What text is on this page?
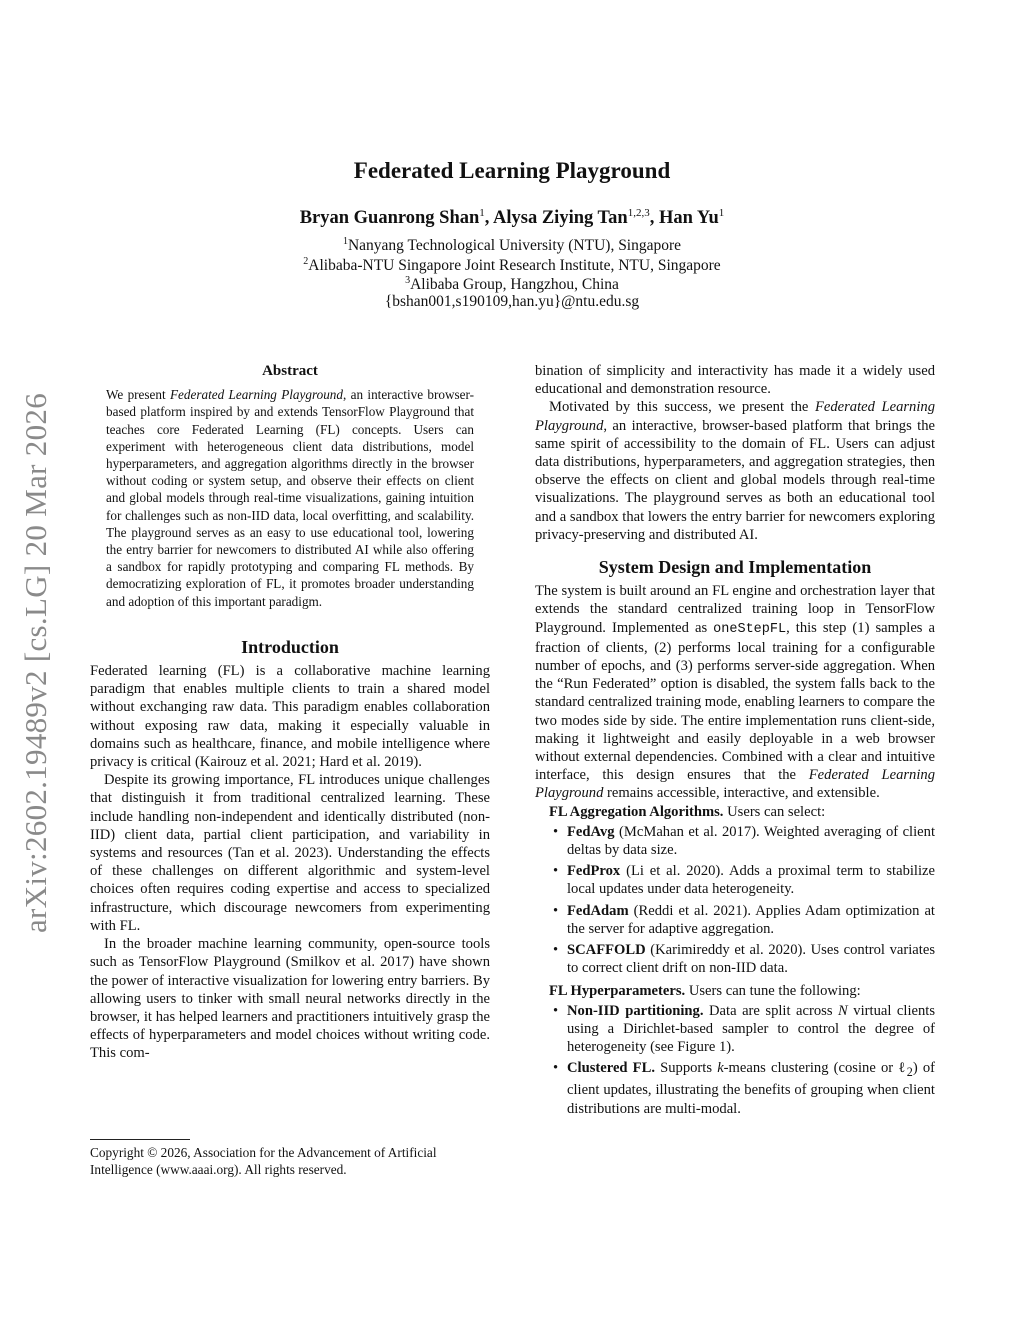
arXiv:2602.19489v2 [cs.LG] 20 Mar 2026
Federated Learning Playground
Bryan Guanrong Shan$^1$, Alysa Ziying Tan$^{1,2,3}$, Han Yu$^1$
$^1$Nanyang Technological University (NTU), Singapore
$^2$Alibaba-NTU Singapore Joint Research Institute, NTU, Singapore
$^3$Alibaba Group, Hangzhou, China
{bshan001,s190109,han.yu}@ntu.edu.sg
Abstract
We present Federated Learning Playground, an interactive browser-based platform inspired by and extends TensorFlow Playground that teaches core Federated Learning (FL) concepts. Users can experiment with heterogeneous client data distributions, model hyperparameters, and aggregation algorithms directly in the browser without coding or system setup, and observe their effects on client and global models through real-time visualizations, gaining intuition for challenges such as non-IID data, local overfitting, and scalability. The playground serves as an easy to use educational tool, lowering the entry barrier for newcomers to distributed AI while also offering a sandbox for rapidly prototyping and comparing FL methods. By democratizing exploration of FL, it promotes broader understanding and adoption of this important paradigm.
Introduction

Federated learning (FL) is a collaborative machine learning paradigm that enables multiple clients to train a shared model without exchanging raw data. This paradigm enables collaboration without exposing raw data, making it especially valuable in domains such as healthcare, finance, and mobile intelligence where privacy is critical (Kairouz et al. 2021; Hard et al. 2019).

Despite its growing importance, FL introduces unique challenges that distinguish it from traditional centralized learning. These include handling non-independent and identically distributed (non-IID) client data, partial client participation, and variability in systems and resources (Tan et al. 2023). Understanding the effects of these challenges on different algorithmic and system-level choices often requires coding expertise and access to specialized infrastructure, which discourage newcomers from experimenting with FL.

In the broader machine learning community, open-source tools such as TensorFlow Playground (Smilkov et al. 2017) have shown the power of interactive visualization for lowering entry barriers. By allowing users to tinker with small neural networks directly in the browser, it has helped learners and practitioners intuitively grasp the effects of hyperparameters and model choices without writing code. This com-

Copyright © 2026, Association for the Advancement of Artificial Intelligence (www.aaai.org). All rights reserved.

bination of simplicity and interactivity has made it a widely used educational and demonstration resource.

Motivated by this success, we present the Federated Learning Playground, an interactive, browser-based platform that brings the same spirit of accessibility to the domain of FL. Users can adjust data distributions, hyperparameters, and aggregation strategies, then observe the effects on client and global models through real-time visualizations. The playground serves as both an educational tool and a sandbox that lowers the entry barrier for newcomers exploring privacy-preserving and distributed AI.

System Design and Implementation

The system is built around an FL engine and orchestration layer that extends the standard centralized training loop in TensorFlow Playground. Implemented as oneStepFL, this step (1) samples a fraction of clients, (2) performs local training for a configurable number of epochs, and (3) performs server-side aggregation. When the “Run Federated” option is disabled, the system falls back to the standard centralized training mode, enabling learners to compare the two modes side by side. The entire implementation runs client-side, making it lightweight and easily deployable in a web browser without external dependencies. Combined with a clear and intuitive interface, this design ensures that the Federated Learning Playground remains accessible, interactive, and extensible.

FL Aggregation Algorithms. Users can select:

• FedAvg (McMahan et al. 2017). Weighted averaging of client deltas by data size.
• FedProx (Li et al. 2020). Adds a proximal term to stabilize local updates under data heterogeneity.
• FedAdam (Reddi et al. 2021). Applies Adam optimization at the server for adaptive aggregation.
• SCAFFOLD (Karimireddy et al. 2020). Uses control variates to correct client drift on non-IID data.

FL Hyperparameters. Users can tune the following:

• Non-IID partitioning. Data are split across N virtual clients using a Dirichlet-based sampler to control the degree of heterogeneity (see Figure 1).
• Clustered FL. Supports k-means clustering (cosine or ℓ$_2$) of client updates, illustrating the benefits of grouping when client distributions are multi-modal.
